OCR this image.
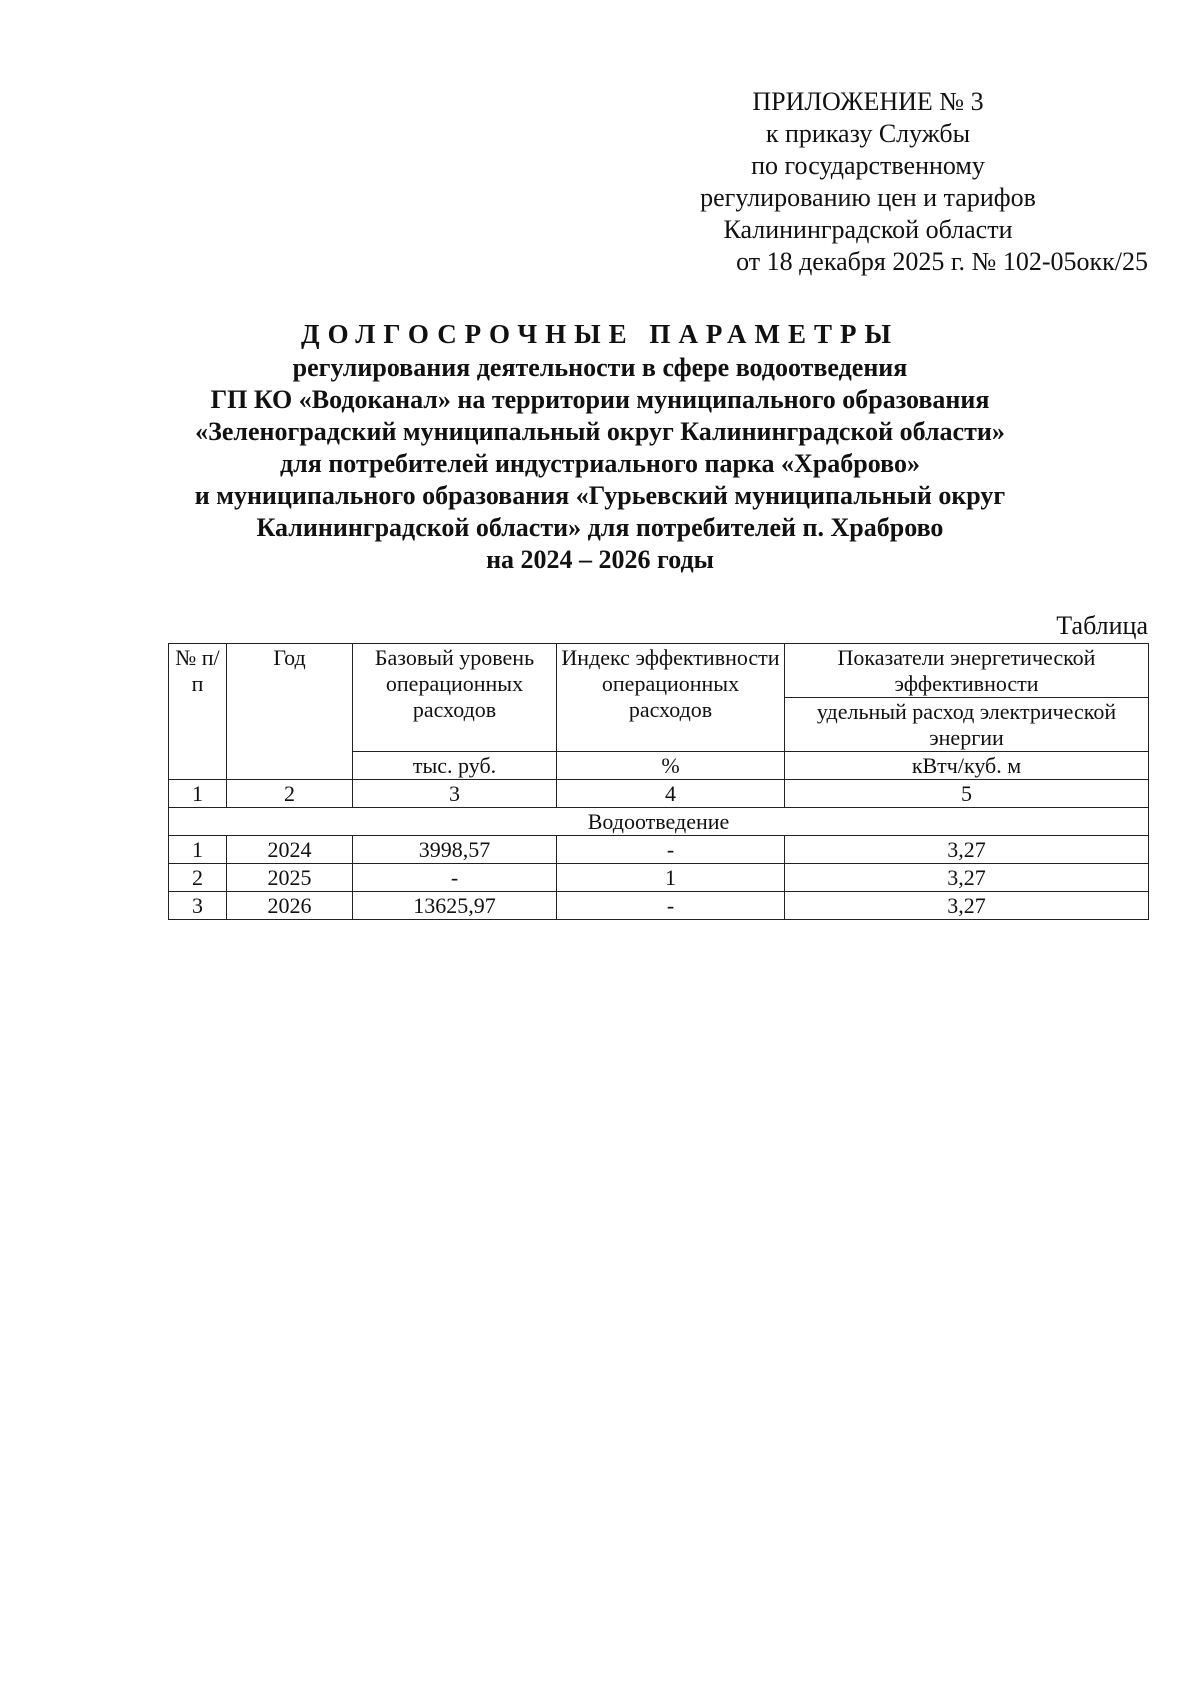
ПРИЛОЖЕНИЕ № 3
к приказу Службы
по государственному
регулированию цен и тарифов
Калининградской области
от 18 декабря 2025 г. № 102-05окк/25
ДОЛГОСРОЧНЫЕ ПАРАМЕТРЫ
регулирования деятельности в сфере водоотведения
ГП КО «Водоканал» на территории муниципального образования
«Зеленоградский муниципальный округ Калининградской области»
для потребителей индустриального парка «Храброво»
и муниципального образования «Гурьевский муниципальный округ
Калининградской области» для потребителей п. Храброво
на 2024 – 2026 годы
Таблица
№ п/п	Год	Базовый уровень операционных расходов	Индекс эффективности операционных расходов	Показатели энергетической эффективности
				удельный расход электрической энергии
		тыс. руб.	%	кВтч/куб. м
1	2	3	4	5
Водоотведение				
1	2024	3998,57	-	3,27
2	2025	-	1	3,27
3	2026	13625,97	-	3,27
